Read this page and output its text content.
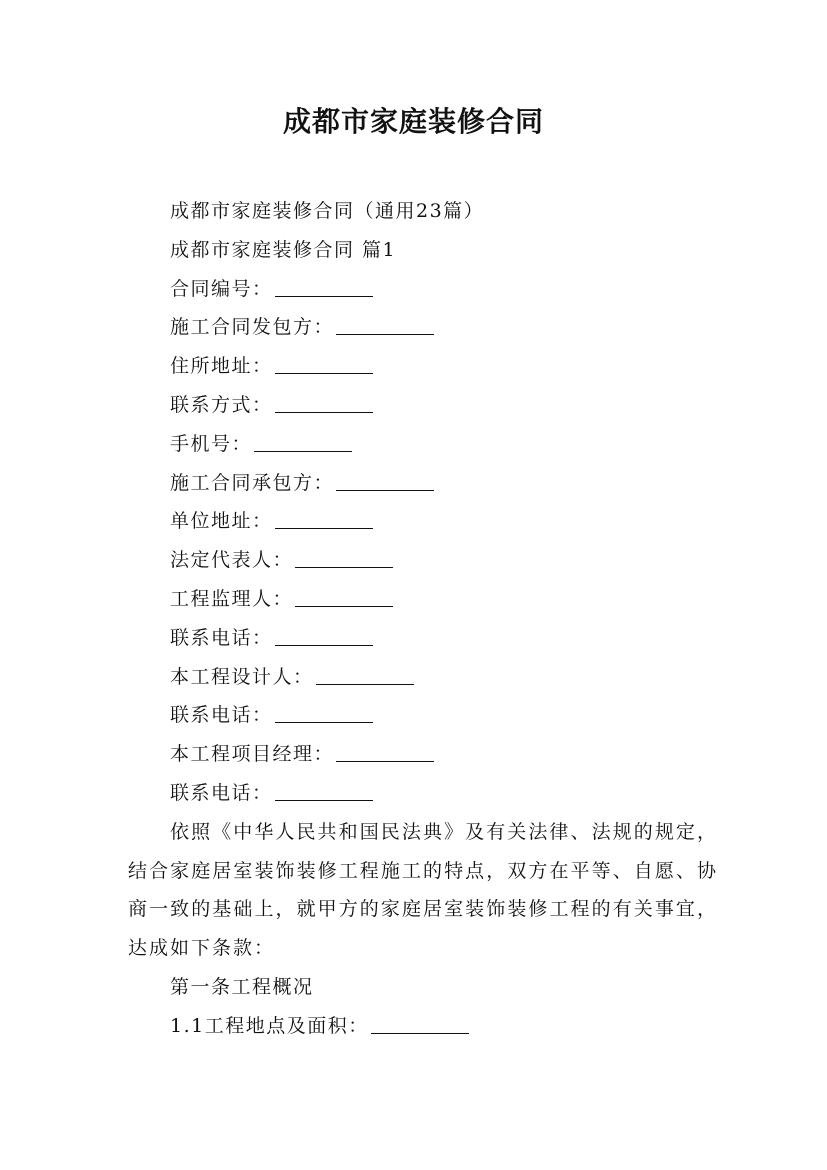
成都市家庭装修合同
成都市家庭装修合同（通用23篇）
成都市家庭装修合同 篇1
合同编号：
施工合同发包方：
住所地址：
联系方式：
手机号：
施工合同承包方：
单位地址：
法定代表人：
工程监理人：
联系电话：
本工程设计人：
联系电话：
本工程项目经理：
联系电话：
依照《中华人民共和国民法典》及有关法律、法规的规定，结合家庭居室装饰装修工程施工的特点，双方在平等、自愿、协商一致的基础上，就甲方的家庭居室装饰装修工程的有关事宜，达成如下条款：
第一条工程概况
1.1工程地点及面积：
